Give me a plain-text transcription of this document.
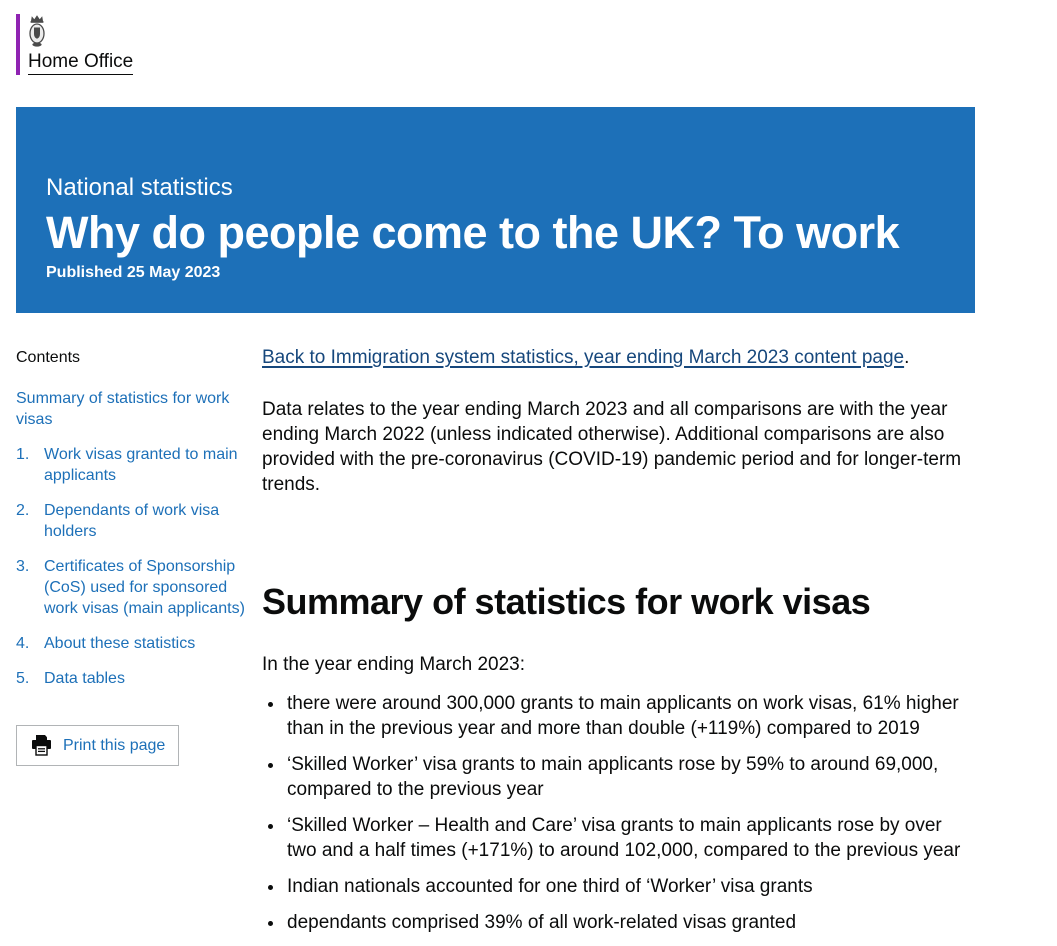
Home Office
National statistics
Why do people come to the UK? To work
Published 25 May 2023

Contents

Summary of statistics for work visas
1. Work visas granted to main applicants
2. Dependants of work visa holders
3. Certificates of Sponsorship (CoS) used for sponsored work visas (main applicants)
4. About these statistics
5. Data tables
Print this page

Back to Immigration system statistics, year ending March 2023 content page.

Data relates to the year ending March 2023 and all comparisons are with the year ending March 2022 (unless indicated otherwise). Additional comparisons are also provided with the pre-coronavirus (COVID-19) pandemic period and for longer-term trends.

Summary of statistics for work visas

In the year ending March 2023:

• there were around 300,000 grants to main applicants on work visas, 61% higher than in the previous year and more than double (+119%) compared to 2019
• ‘Skilled Worker’ visa grants to main applicants rose by 59% to around 69,000, compared to the previous year
• ‘Skilled Worker – Health and Care’ visa grants to main applicants rose by over two and a half times (+171%) to around 102,000, compared to the previous year
• Indian nationals accounted for one third of ‘Worker’ visa grants
• dependants comprised 39% of all work-related visas granted
